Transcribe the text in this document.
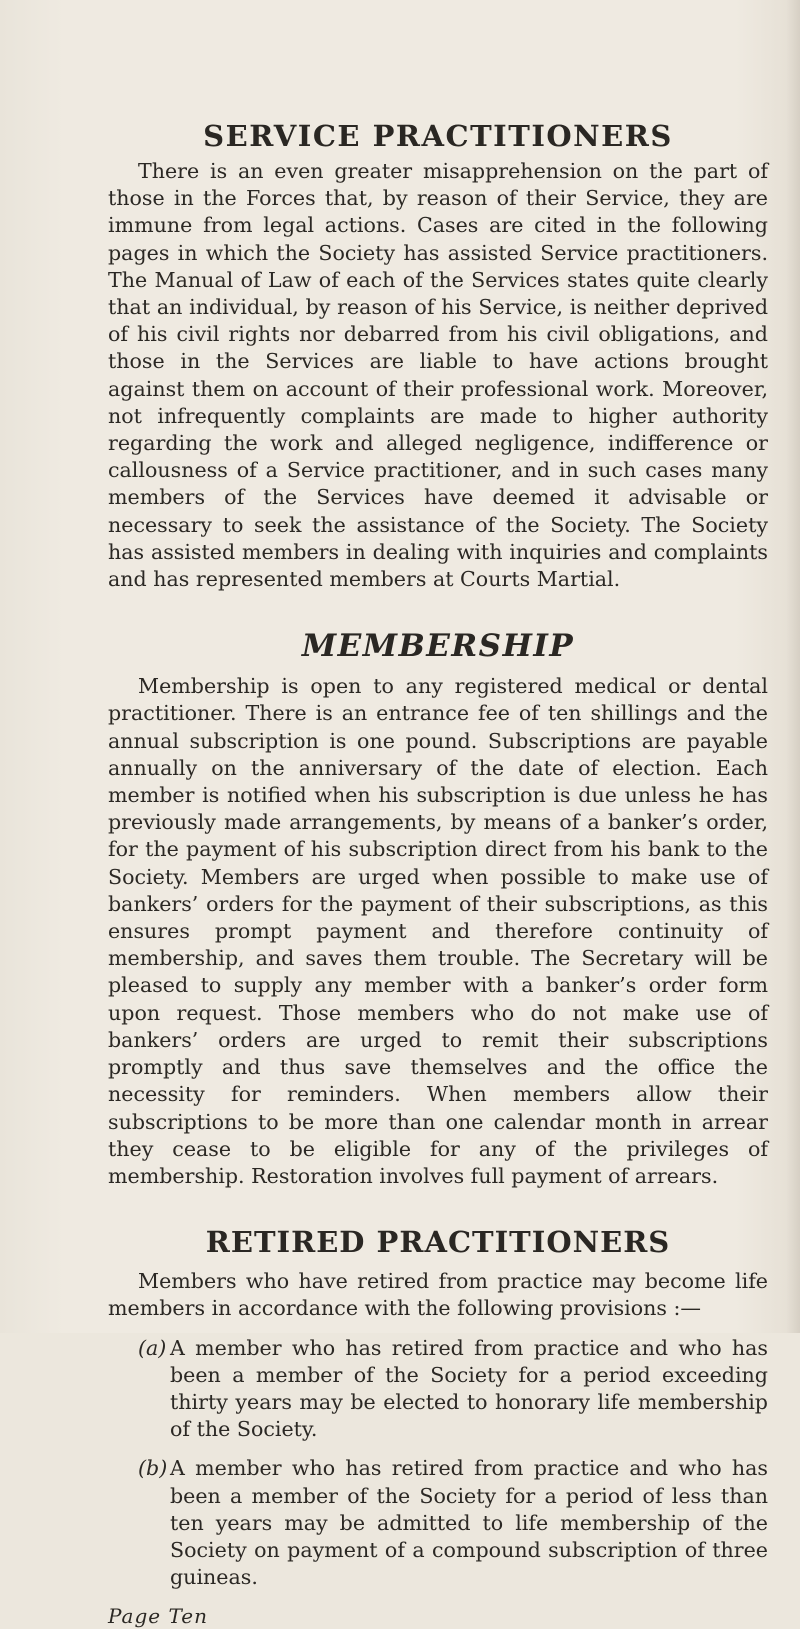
SERVICE PRACTITIONERS

There is an even greater misapprehension on the part of those in the Forces that, by reason of their Service, they are immune from legal actions. Cases are cited in the following pages in which the Society has assisted Service practitioners. The Manual of Law of each of the Services states quite clearly that an individual, by reason of his Service, is neither deprived of his civil rights nor debarred from his civil obligations, and those in the Services are liable to have actions brought against them on account of their professional work. Moreover, not infrequently complaints are made to higher authority regarding the work and alleged negligence, indifference or callousness of a Service practitioner, and in such cases many members of the Services have deemed it advisable or necessary to seek the assistance of the Society. The Society has assisted members in dealing with inquiries and complaints and has represented members at Courts Martial.

MEMBERSHIP

Membership is open to any registered medical or dental practitioner. There is an entrance fee of ten shillings and the annual subscription is one pound. Subscriptions are payable annually on the anniversary of the date of election. Each member is notified when his subscription is due unless he has previously made arrangements, by means of a banker’s order, for the payment of his subscription direct from his bank to the Society. Members are urged when possible to make use of bankers’ orders for the payment of their subscriptions, as this ensures prompt payment and therefore continuity of membership, and saves them trouble. The Secretary will be pleased to supply any member with a banker’s order form upon request. Those members who do not make use of bankers’ orders are urged to remit their subscriptions promptly and thus save themselves and the office the necessity for reminders. When members allow their subscriptions to be more than one calendar month in arrear they cease to be eligible for any of the privileges of membership. Restoration involves full payment of arrears.

RETIRED PRACTITIONERS

Members who have retired from practice may become life members in accordance with the following provisions :—

(a) A member who has retired from practice and who has been a member of the Society for a period exceeding thirty years may be elected to honorary life membership of the Society.
(b) A member who has retired from practice and who has been a member of the Society for a period of less than ten years may be admitted to life membership of the Society on payment of a compound subscription of three guineas.
Page Ten
